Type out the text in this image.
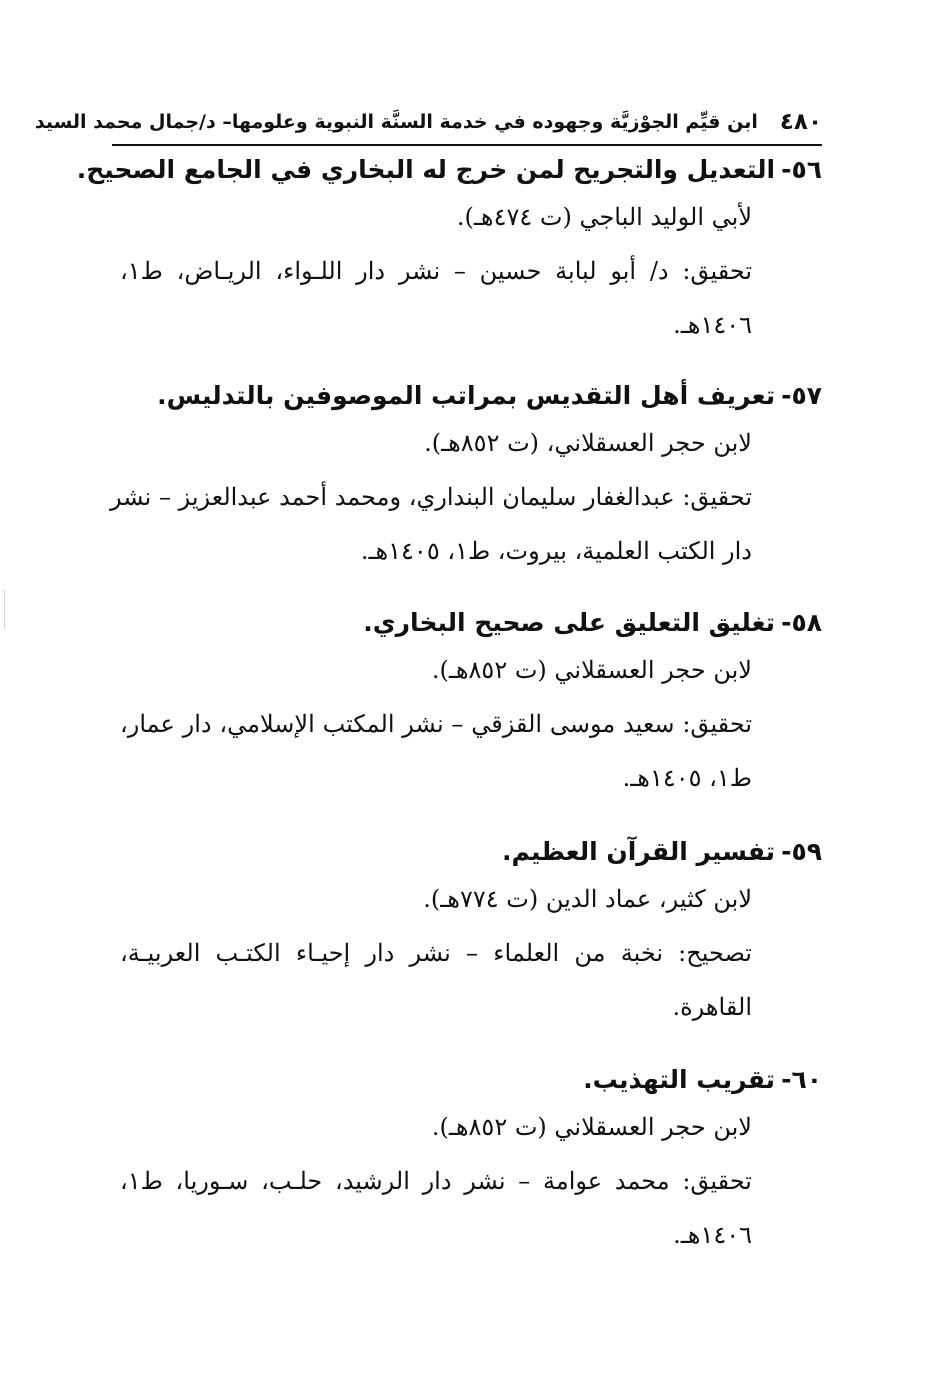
٤٨٠
ابن قيِّم الجوْزيَّة وجهوده في خدمة السنَّة النبوية وعلومها– د/جمال محمد السيد

٥٦-التعديل والتجريح لمن خرج له البخاري في الجامع الصحيح.

لأبي الوليد الباجي (ت ٤٧٤هـ).

تحقيق: د/ أبو لبابة حسين – نشر دار اللـواء، الريـاض، ط١،

١٤٠٦هـ.

٥٧-تعريف أهل التقديس بمراتب الموصوفين بالتدليس.

لابن حجر العسقلاني، (ت ٨٥٢هـ).

تحقيق: عبدالغفار سليمان البنداري، ومحمد أحمد عبدالعزيز – نشر

دار الكتب العلمية، بيروت، ط١، ١٤٠٥هـ.

٥٨-تغليق التعليق على صحيح البخاري.

لابن حجر العسقلاني (ت ٨٥٢هـ).

تحقيق: سعيد موسى القزقي – نشر المكتب الإسلامي، دار عمار،

ط١، ١٤٠٥هـ.

٥٩-تفسير القرآن العظيم.

لابن كثير، عماد الدين (ت ٧٧٤هـ).

تصحيح: نخبة من العلماء – نشر دار إحيـاء الكتـب العربيـة،

القاهرة.

٦٠-تقريب التهذيب.

لابن حجر العسقلاني (ت ٨٥٢هـ).

تحقيق: محمد عوامة – نشر دار الرشيد، حلـب، سـوريا، ط١،

١٤٠٦هـ.
